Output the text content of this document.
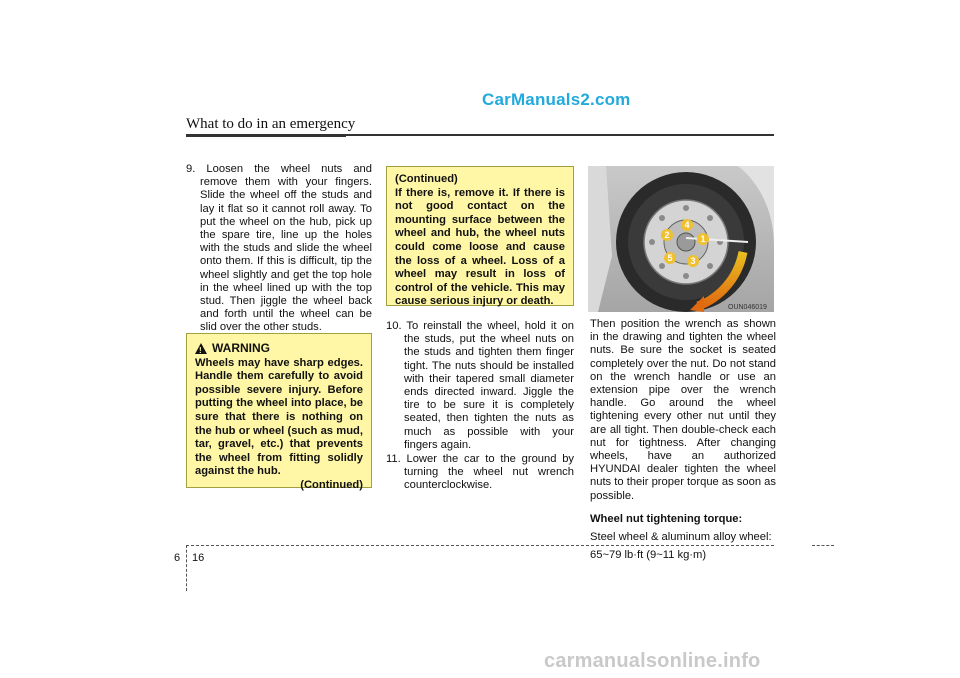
CarManuals2.com
What to do in an emergency

9. Loosen the wheel nuts and remove them with your fingers. Slide the wheel off the studs and lay it flat so it cannot roll away. To put the wheel on the hub, pick up the spare tire, line up the holes with the studs and slide the wheel onto them. If this is difficult, tip the wheel slightly and get the top hole in the wheel lined up with the top stud. Then jiggle the wheel back and forth until the wheel can be slid over the other studs.

!
WARNING
Wheels may have sharp edges. Handle them carefully to avoid possible severe injury. Before putting the wheel into place, be sure that there is nothing on the hub or wheel (such as mud, tar, gravel, etc.) that prevents the wheel from fitting solidly against the hub.
(Continued)
(Continued)
If there is, remove it. If there is not good contact on the mounting surface between the wheel and hub, the wheel nuts could come loose and cause the loss of a wheel. Loss of a wheel may result in loss of control of the vehicle. This may cause serious injury or death.

10. To reinstall the wheel, hold it on the studs, put the wheel nuts on the studs and tighten them finger tight. The nuts should be installed with their tapered small diameter ends directed inward. Jiggle the tire to be sure it is completely seated, then tighten the nuts as much as possible with your fingers again.

11. Lower the car to the ground by turning the wheel nut wrench counterclockwise.

1
2
3
4
5
OUN046019

Then position the wrench as shown in the drawing and tighten the wheel nuts. Be sure the socket is seated completely over the nut. Do not stand on the wrench handle or use an extension pipe over the wrench handle. Go around the wheel tightening every other nut until they are all tight. Then double-check each nut for tightness. After changing wheels, have an authorized HYUNDAI dealer tighten the wheel nuts to their proper torque as soon as possible.

Wheel nut tightening torque:

Steel wheel & aluminum alloy wheel:

65~79 lb·ft (9~11 kg·m)

6 16
carmanualsonline.info
